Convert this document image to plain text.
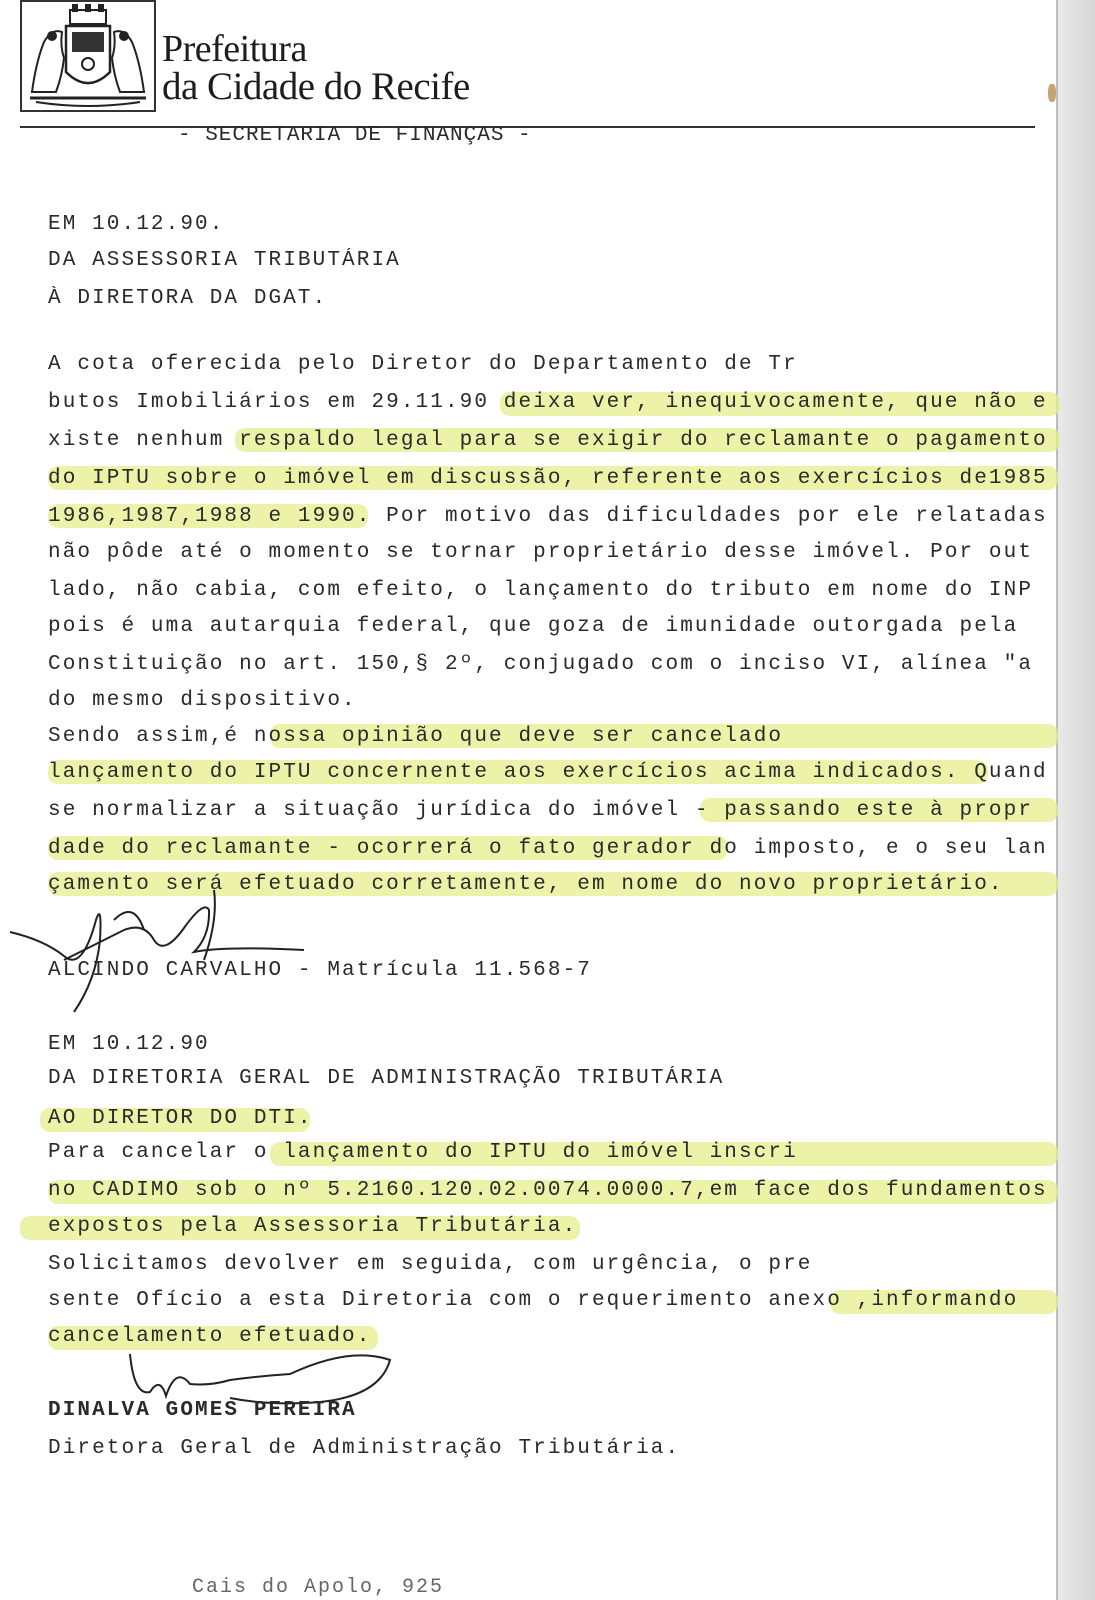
Prefeitura
da Cidade do Recife
- SECRETARIA DE FINANÇAS -
EM 10.12.90.
DA ASSESSORIA TRIBUTÁRIA
À DIRETORA DA DGAT.
A cota oferecida pelo Diretor do Departamento de Tr
butos Imobiliários em 29.11.90 deixa ver, inequivocamente, que não e
xiste nenhum respaldo legal para se exigir do reclamante o pagamento
do IPTU sobre o imóvel em discussão, referente aos exercícios de1985
1986,1987,1988 e 1990. Por motivo das dificuldades por ele relatadas
não pôde até o momento se tornar proprietário desse imóvel. Por out
lado, não cabia, com efeito, o lançamento do tributo em nome do INP
pois é uma autarquia federal, que goza de imunidade outorgada pela
Constituição no art. 150,§ 2º, conjugado com o inciso VI, alínea "a
do mesmo dispositivo.
Sendo assim,é nossa opinião que deve ser cancelado
lançamento do IPTU concernente aos exercícios acima indicados. Quand
se normalizar a situação jurídica do imóvel - passando este à propr
dade do reclamante - ocorrerá o fato gerador do imposto, e o seu lan
çamento será efetuado corretamente, em nome do novo proprietário.
ALCINDO CARVALHO - Matrícula 11.568-7
EM 10.12.90
DA DIRETORIA GERAL DE ADMINISTRAÇÃO TRIBUTÁRIA
AO DIRETOR DO DTI.
Para cancelar o lançamento do IPTU do imóvel inscri
no CADIMO sob o nº 5.2160.120.02.0074.0000.7,em face dos fundamentos
expostos pela Assessoria Tributária.
Solicitamos devolver em seguida, com urgência, o pre
sente Ofício a esta Diretoria com o requerimento anexo ,informando
cancelamento efetuado.
DINALVA GOMES PEREIRA
Diretora Geral de Administração Tributária.
Cais do Apolo, 925
